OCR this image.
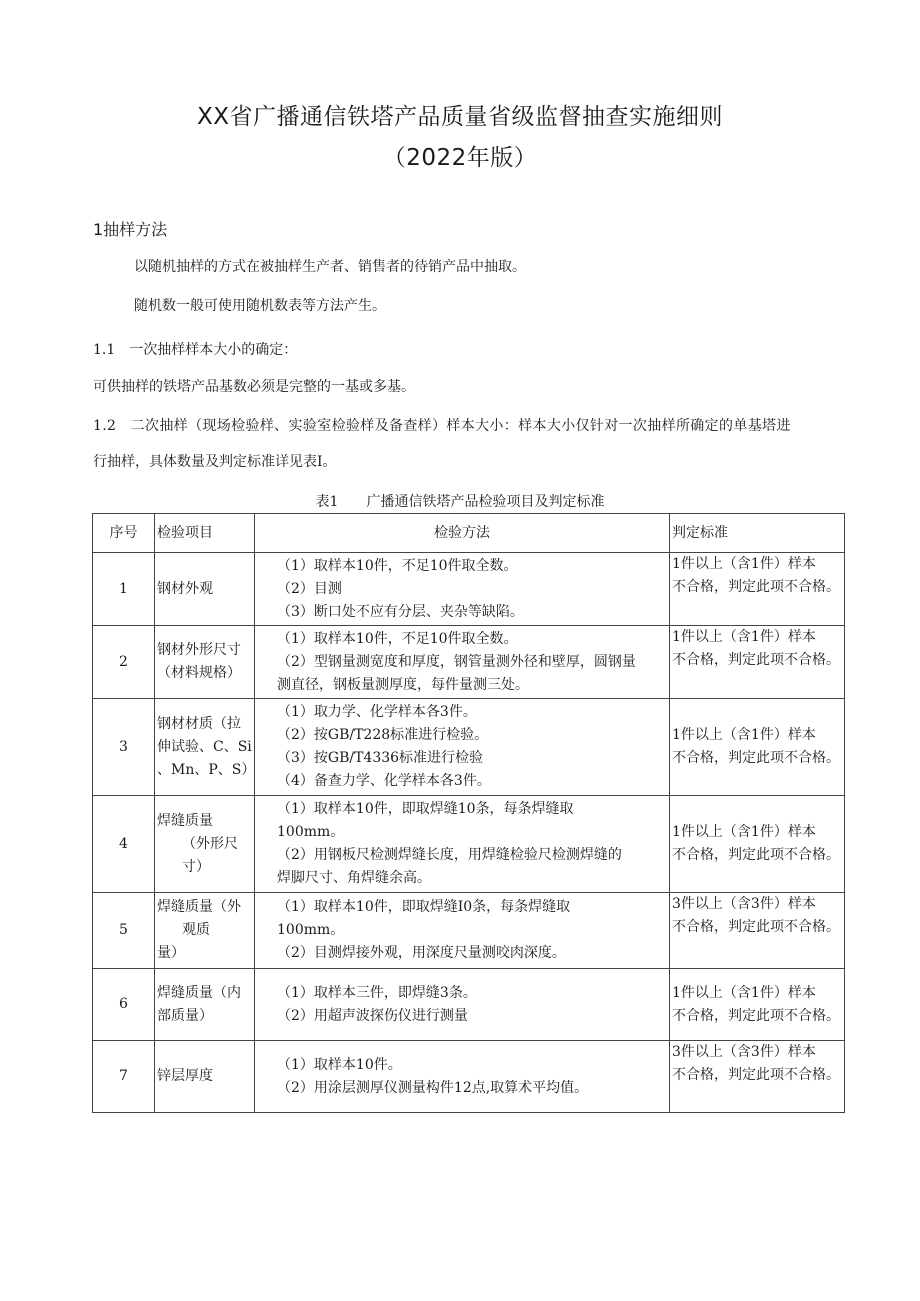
XX省广播通信铁塔产品质量省级监督抽查实施细则
（2022年版）
1抽样方法
以随机抽样的方式在被抽样生产者、销售者的待销产品中抽取。
随机数一般可使用随机数表等方法产生。
1.1　一次抽样样本大小的确定：
可供抽样的铁塔产品基数必须是完整的一基或多基。
1.2　二次抽样（现场检验样、实验室检验样及备查样）样本大小：样本大小仅针对一次抽样所确定的单基塔进
行抽样，具体数量及判定标准详见表I。
表1　　广播通信铁塔产品检验项目及判定标准
序号	检验项目	检验方法	判定标准
1	钢材外观	（1）取样本10件，不足10件取全数。
（2）目测
（3）断口处不应有分层、夹杂等缺陷。	1件以上（含1件）样本
不合格，判定此项不合格。

2	钢材外形尺寸
（材料规格）	（1）取样本10件，不足10件取全数。
（2）型钢量测宽度和厚度，钢管量测外径和壁厚，圆钢量
测直径，钢板量测厚度，每件量测三处。	1件以上（含1件）样本
不合格，判定此项不合格。

3	钢材材质（拉
伸试验、C、Si
、Mn、P、S）	（1）取力学、化学样本各3件。
（2）按GB/T228标准进行检验。
（3）按GB/T4336标准进行检验
（4）备查力学、化学样本各3件。	1件以上（含1件）样本
不合格，判定此项不合格。

4	焊缝质量
（外形尺寸）	（1）取样本10件，即取焊缝10条，每条焊缝取
100mm。
（2）用钢板尺检测焊缝长度，用焊缝检验尺检测焊缝的
焊脚尺寸、角焊缝余高。	1件以上（含1件）样本
不合格，判定此项不合格。

5	焊缝质量（外
观质
量）	（1）取样本10件，即取焊缝I0条，每条焊缝取
100mm。
（2）目测焊接外观，用深度尺量测咬肉深度。	3件以上（含3件）样本
不合格，判定此项不合格。

6	焊缝质量（内
部质量）	（1）取样本三件，即焊缝3条。
（2）用超声波探伤仪进行测量	1件以上（含1件）样本
不合格，判定此项不合格。

7	锌层厚度	（1）取样本10件。
（2）用涂层测厚仪测量构件12点,取算术平均值。	3件以上（含3件）样本
不合格，判定此项不合格。
